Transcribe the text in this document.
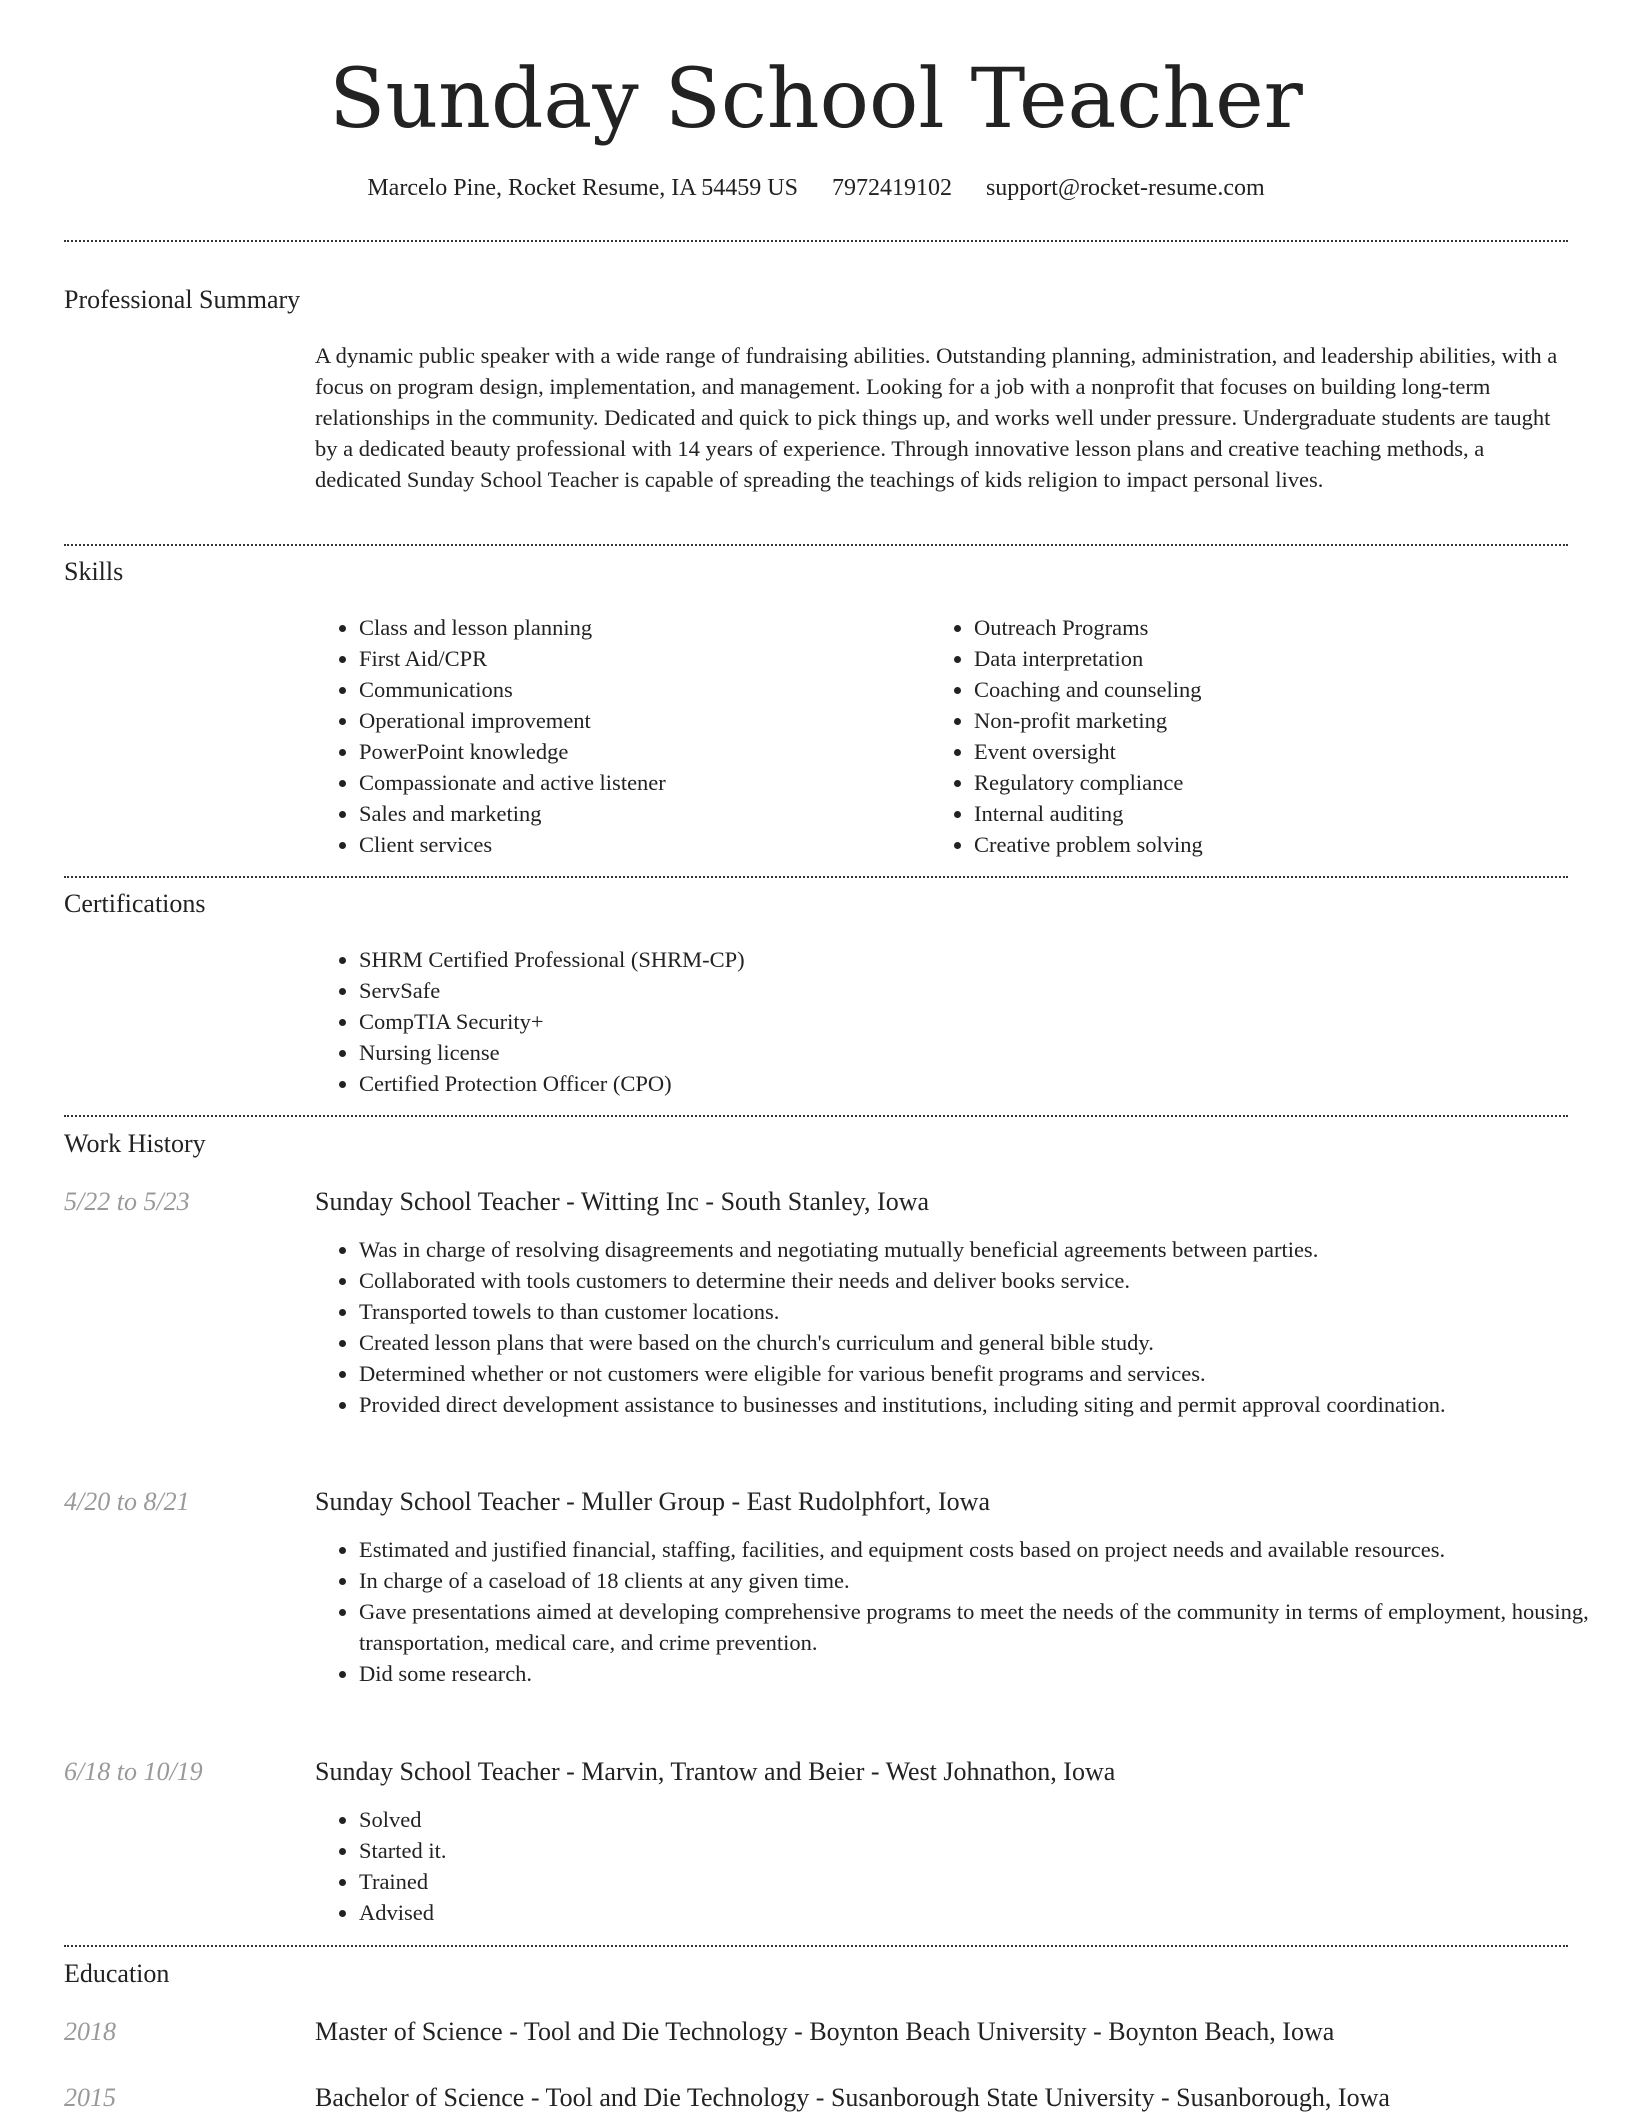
Sunday School Teacher
Marcelo Pine, Rocket Resume, IA 54459 US 7972419102 support@rocket-resume.com
Professional Summary

A dynamic public speaker with a wide range of fundraising abilities. Outstanding planning, administration, and leadership abilities, with a focus on program design, implementation, and management. Looking for a job with a nonprofit that focuses on building long-term relationships in the community. Dedicated and quick to pick things up, and works well under pressure. Undergraduate students are taught by a dedicated beauty professional with 14 years of experience. Through innovative lesson plans and creative teaching methods, a dedicated Sunday School Teacher is capable of spreading the teachings of kids religion to impact personal lives.

Skills
• Class and lesson planning
• First Aid/CPR
• Communications
• Operational improvement
• PowerPoint knowledge
• Compassionate and active listener
• Sales and marketing
• Client services
• Outreach Programs
• Data interpretation
• Coaching and counseling
• Non-profit marketing
• Event oversight
• Regulatory compliance
• Internal auditing
• Creative problem solving
Certifications
• SHRM Certified Professional (SHRM-CP)
• ServSafe
• CompTIA Security+
• Nursing license
• Certified Protection Officer (CPO)
Work History
5/22 to 5/23	Sunday School Teacher - Witting Inc - South Stanley, Iowa
• Was in charge of resolving disagreements and negotiating mutually beneficial agreements between parties.
• Collaborated with tools customers to determine their needs and deliver books service.
• Transported towels to than customer locations.
• Created lesson plans that were based on the church's curriculum and general bible study.
• Determined whether or not customers were eligible for various benefit programs and services.
• Provided direct development assistance to businesses and institutions, including siting and permit approval coordination.
4/20 to 8/21	Sunday School Teacher - Muller Group - East Rudolphfort, Iowa
• Estimated and justified financial, staffing, facilities, and equipment costs based on project needs and available resources.
• In charge of a caseload of 18 clients at any given time.
• Gave presentations aimed at developing comprehensive programs to meet the needs of the community in terms of employment, housing, transportation, medical care, and crime prevention.
• Did some research.
6/18 to 10/19	Sunday School Teacher - Marvin, Trantow and Beier - West Johnathon, Iowa
• Solved
• Started it.
• Trained
• Advised
Education
2018	Master of Science - Tool and Die Technology - Boynton Beach University - Boynton Beach, Iowa
2015	Bachelor of Science - Tool and Die Technology - Susanborough State University - Susanborough, Iowa
